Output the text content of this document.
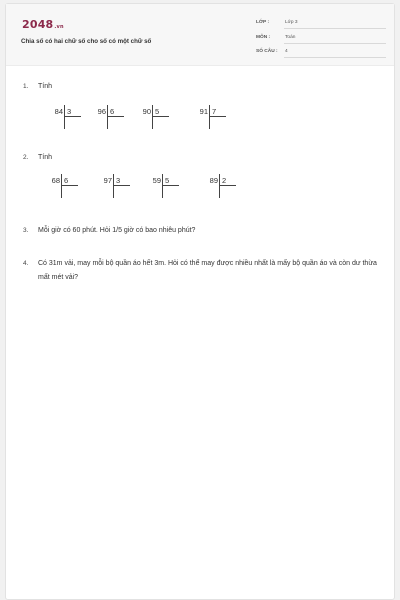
2048.vn
Chia số có hai chữ số cho số có một chữ số
LỚP :	Lớp 3
MÔN :	Toán
SỐ CÂU : 4
1. Tính
84 3	96 6	90 5	91 7
2. Tính
68 6	97 3	59 5	89 2
3. Mỗi giờ có 60 phút. Hỏi 1/5 giờ có bao nhiêu phút?
4. Có 31m vải, may mỗi bộ quần áo hết 3m. Hỏi có thể may được nhiều nhất là mấy bộ quần áo và còn dư thừa mất mét vải?
